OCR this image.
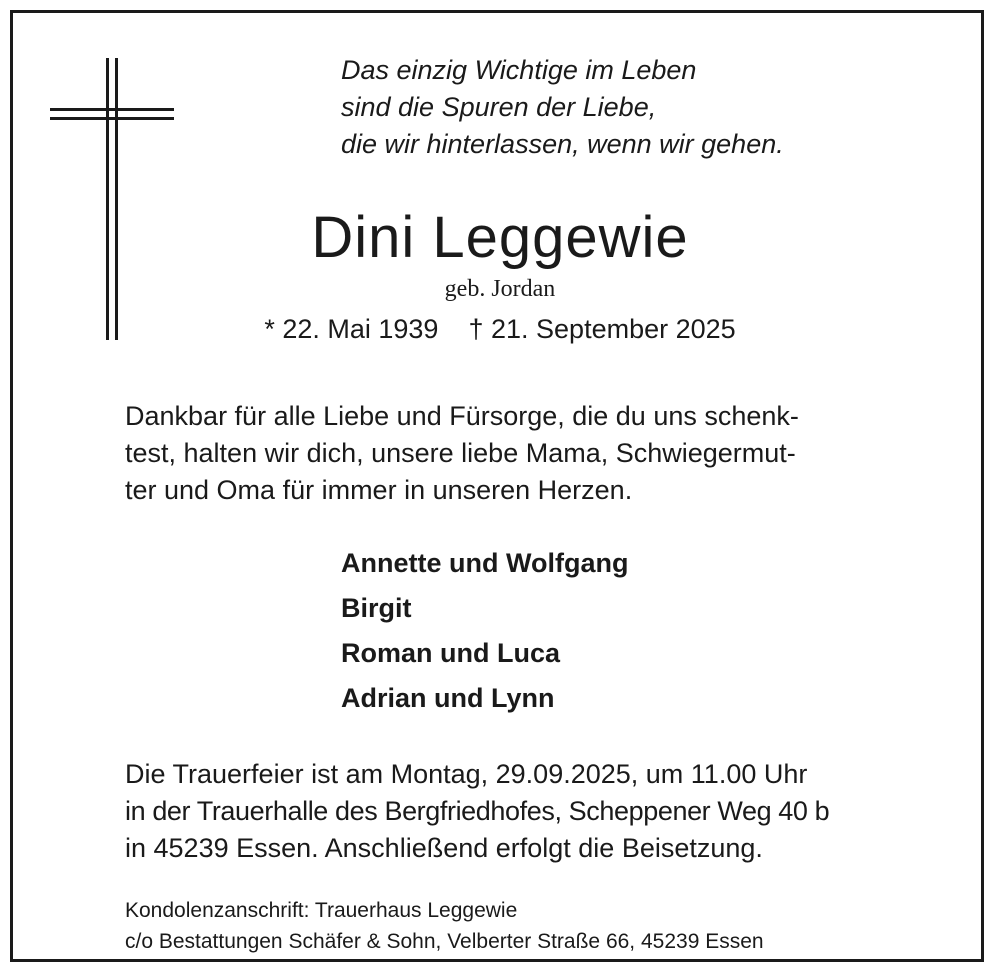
Das einzig Wichtige im Leben
sind die Spuren der Liebe,
die wir hinterlassen, wenn wir gehen.
Dini Leggewie
geb. Jordan
* 22. Mai 1939 † 21. September 2025
Dankbar für alle Liebe und Fürsorge, die du uns schenk-
test, halten wir dich, unsere liebe Mama, Schwiegermut-
ter und Oma für immer in unseren Herzen.
Annette und Wolfgang
Birgit
Roman und Luca
Adrian und Lynn
Die Trauerfeier ist am Montag, 29.09.2025, um 11.00 Uhr
in der Trauerhalle des Bergfriedhofes, Scheppener Weg 40 b
in 45239 Essen. Anschließend erfolgt die Beisetzung.
Kondolenzanschrift: Trauerhaus Leggewie
c/o Bestattungen Schäfer & Sohn, Velberter Straße 66, 45239 Essen
